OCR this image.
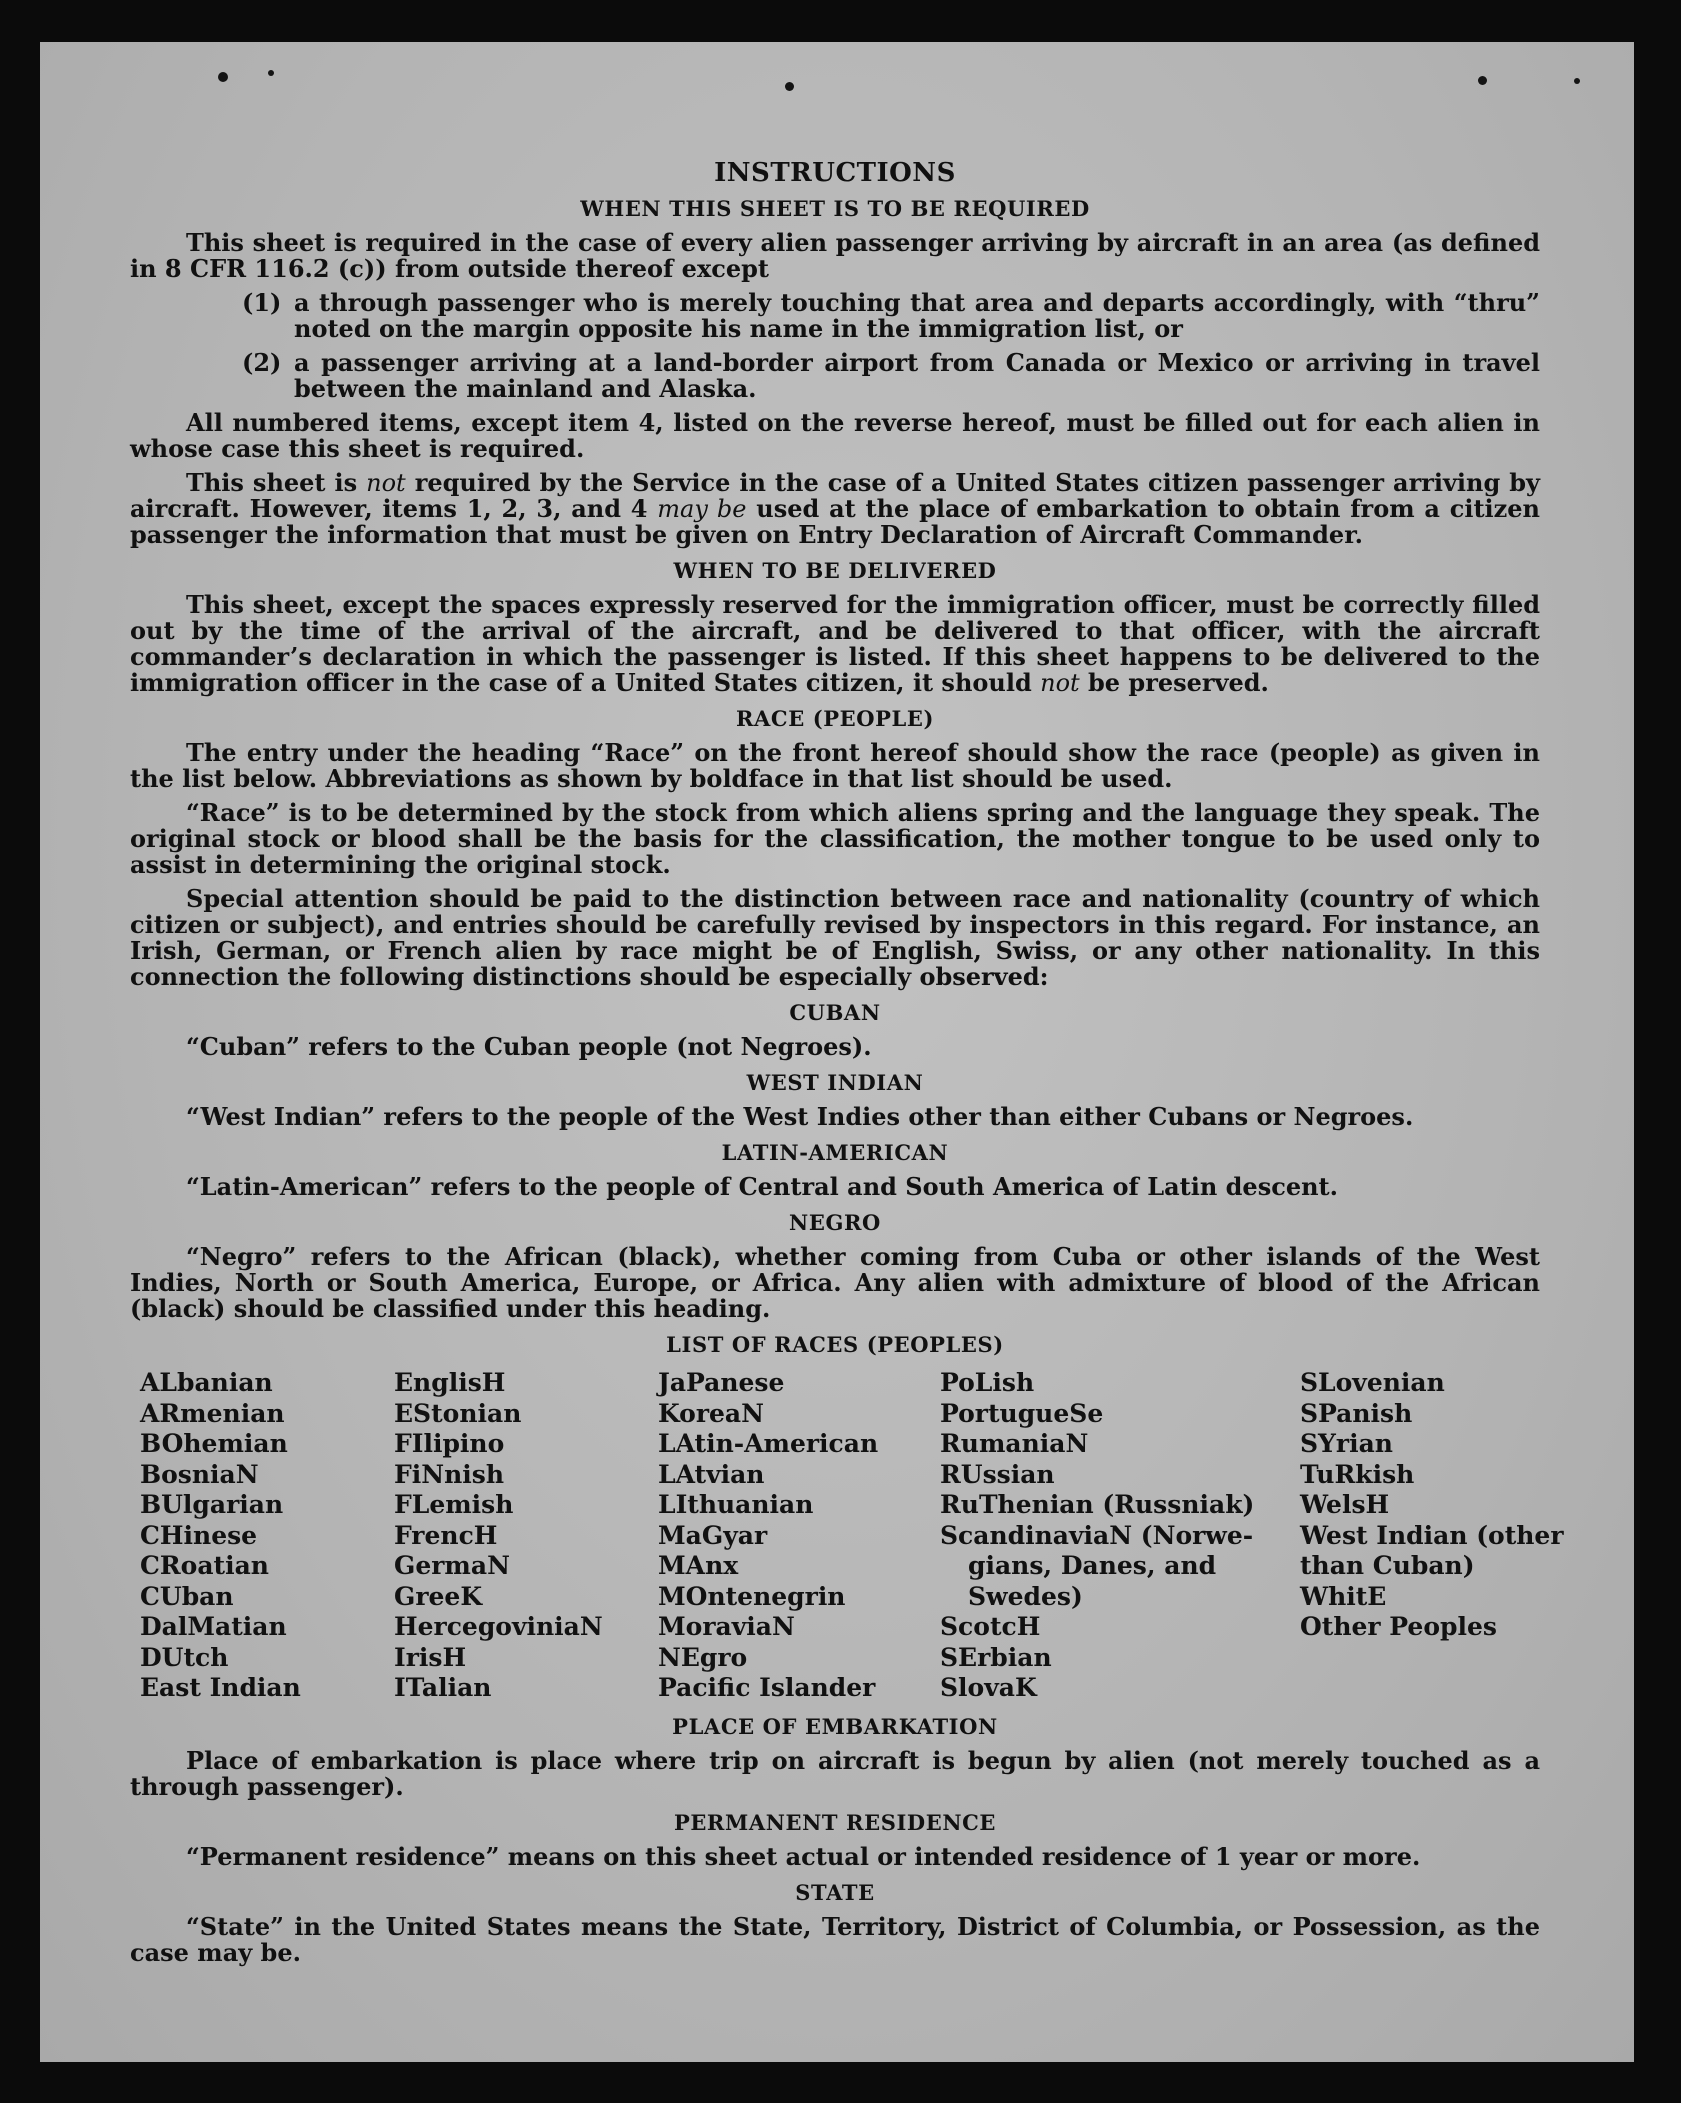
INSTRUCTIONS
WHEN THIS SHEET IS TO BE REQUIRED

This sheet is required in the case of every alien passenger arriving by aircraft in an area (as defined in 8 CFR 116.2 (c)) from outside thereof except

(1) a through passenger who is merely touching that area and departs accordingly, with “thru” noted on the margin opposite his name in the immigration list, or
(2) a passenger arriving at a land-border airport from Canada or Mexico or arriving in travel between the mainland and Alaska.

All numbered items, except item 4, listed on the reverse hereof, must be filled out for each alien in whose case this sheet is required.

This sheet is not required by the Service in the case of a United States citizen passenger arriving by aircraft. However, items 1, 2, 3, and 4 may be used at the place of embarkation to obtain from a citizen passenger the information that must be given on Entry Declaration of Aircraft Commander.

WHEN TO BE DELIVERED

This sheet, except the spaces expressly reserved for the immigration officer, must be correctly filled out by the time of the arrival of the aircraft, and be delivered to that officer, with the aircraft commander’s declaration in which the passenger is listed. If this sheet happens to be delivered to the immigration officer in the case of a United States citizen, it should not be preserved.

RACE (PEOPLE)

The entry under the heading “Race” on the front hereof should show the race (people) as given in the list below. Abbreviations as shown by boldface in that list should be used.

“Race” is to be determined by the stock from which aliens spring and the language they speak. The original stock or blood shall be the basis for the classification, the mother tongue to be used only to assist in determining the original stock.

Special attention should be paid to the distinction between race and nationality (country of which citizen or subject), and entries should be carefully revised by inspectors in this regard. For instance, an Irish, German, or French alien by race might be of English, Swiss, or any other nationality. In this connection the following distinctions should be especially observed:

CUBAN

“Cuban” refers to the Cuban people (not Negroes).

WEST INDIAN

“West Indian” refers to the people of the West Indies other than either Cubans or Negroes.

LATIN-AMERICAN

“Latin-American” refers to the people of Central and South America of Latin descent.

NEGRO

“Negro” refers to the African (black), whether coming from Cuba or other islands of the West Indies, North or South America, Europe, or Africa. Any alien with admixture of blood of the African (black) should be classified under this heading.

LIST OF RACES (PEOPLES)
ALbanian	EnglisH	JaPanese	PoLish	SLovenian
ARmenian	EStonian	KoreaN	PortugueSe	SPanish
BOhemian	FIlipino	LAtin-American	RumaniaN	SYrian
BosniaN	FiNnish	LAtvian	RUssian	TuRkish
BUlgarian	FLemish	LIthuanian	RuThenian (Russniak)	WelsH
CHinese	FrencH	MaGyar	ScandinaviaN (Norwe-	West Indian (other
CRoatian	GermaN	MAnx	gians, Danes, and	than Cuban)
CUban	GreeK	MOntenegrin	Swedes)	WhitE
DalMatian	HercegoviniaN	MoraviaN	ScotcH	Other Peoples
DUtch	IrisH	NEgro	SErbian
East Indian	ITalian	Pacific Islander	SlovaK
PLACE OF EMBARKATION

Place of embarkation is place where trip on aircraft is begun by alien (not merely touched as a through passenger).

PERMANENT RESIDENCE

“Permanent residence” means on this sheet actual or intended residence of 1 year or more.

STATE

“State” in the United States means the State, Territory, District of Columbia, or Possession, as the case may be.
